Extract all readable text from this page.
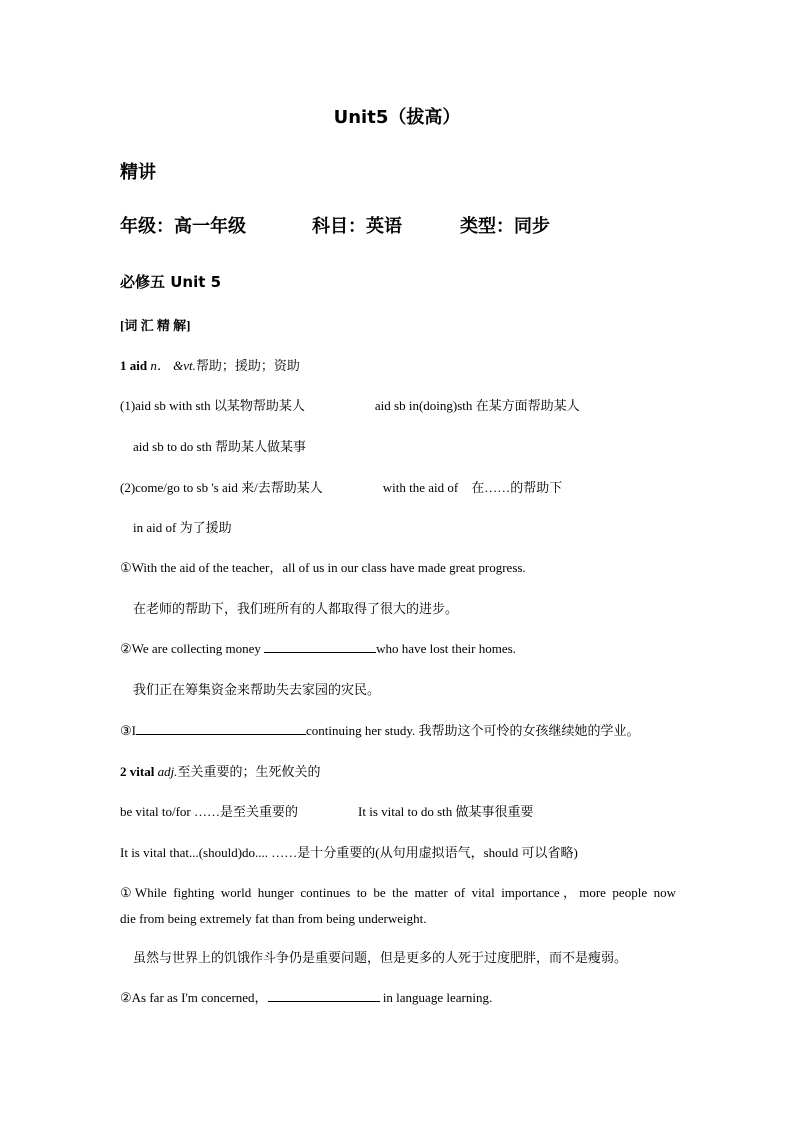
Unit5（拔高）
精讲
年级：高一年级	科目：英语	类型：同步
必修五 Unit 5
[词 汇 精 解]
1 aid n． &vt.帮助；援助；资助
(1)aid sb with sth 以某物帮助某人	aid sb in(doing)sth 在某方面帮助某人
aid sb to do sth 帮助某人做某事
(2)come/go to sb 's aid 来/去帮助某人	with the aid of　在……的帮助下
in aid of 为了援助
①With the aid of the teacher，all of us in our class have made great progress.
在老师的帮助下，我们班所有的人都取得了很大的进步。
②We are collecting money	who have lost their homes.
我们正在筹集资金来帮助失去家园的灾民。
③I	continuing her study. 我帮助这个可怜的女孩继续她的学业。
2 vital adj.至关重要的；生死攸关的
be vital to/for ……是至关重要的	It is vital to do sth 做某事很重要
It is vital that...(should)do.... ……是十分重要的(从句用虚拟语气，should 可以省略)
①While fighting world hunger continues to be the matter of vital importance，more people now
die from being extremely fat than from being underweight.
虽然与世界上的饥饿作斗争仍是重要问题，但是更多的人死于过度肥胖，而不是瘦弱。
②As far as I'm concerned，	in language learning.
